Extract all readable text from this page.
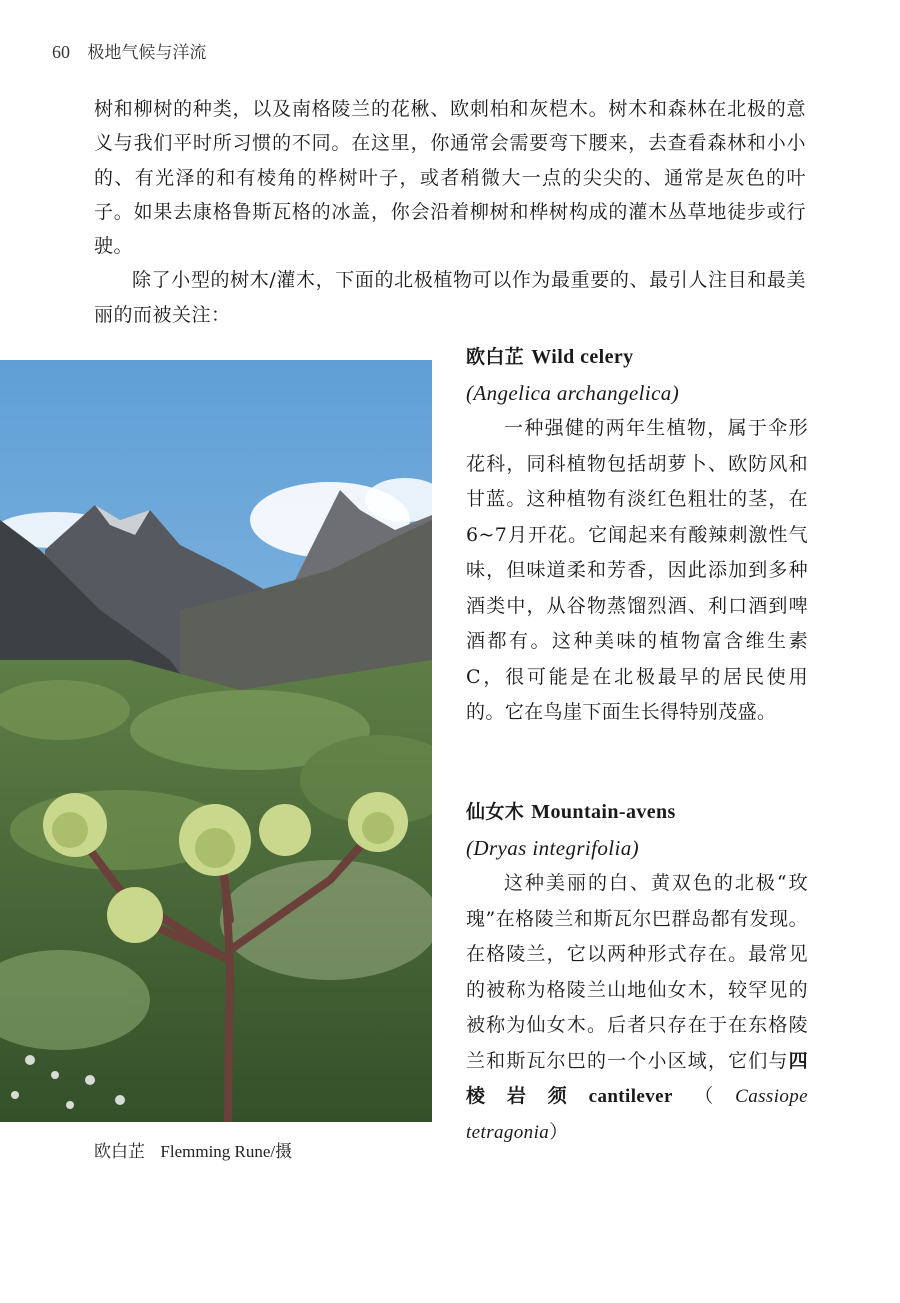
60 极地气候与洋流

树和柳树的种类，以及南格陵兰的花楸、欧刺柏和灰桤木。树木和森林在北极的意义与我们平时所习惯的不同。在这里，你通常会需要弯下腰来，去查看森林和小小的、有光泽的和有棱角的桦树叶子，或者稍微大一点的尖尖的、通常是灰色的叶子。如果去康格鲁斯瓦格的冰盖，你会沿着柳树和桦树构成的灌木丛草地徒步或行驶。

除了小型的树木/灌木，下面的北极植物可以作为最重要的、最引人注目和最美丽的而被关注：

欧白芷 Flemming Rune/摄
欧白芷 Wild celery
(Angelica archangelica)

一种强健的两年生植物，属于伞形花科，同科植物包括胡萝卜、欧防风和甘蓝。这种植物有淡红色粗壮的茎，在6~7月开花。它闻起来有酸辣刺激性气味，但味道柔和芳香，因此添加到多种酒类中，从谷物蒸馏烈酒、利口酒到啤酒都有。这种美味的植物富含维生素C，很可能是在北极最早的居民使用的。它在鸟崖下面生长得特别茂盛。

仙女木 Mountain-avens
(Dryas integrifolia)

这种美丽的白、黄双色的北极“玫瑰”在格陵兰和斯瓦尔巴群岛都有发现。在格陵兰，它以两种形式存在。最常见的被称为格陵兰山地仙女木，较罕见的被称为仙女木。后者只存在于在东格陵兰和斯瓦尔巴的一个小区域，它们与四棱岩须cantilever（Cassiope tetragonia）
